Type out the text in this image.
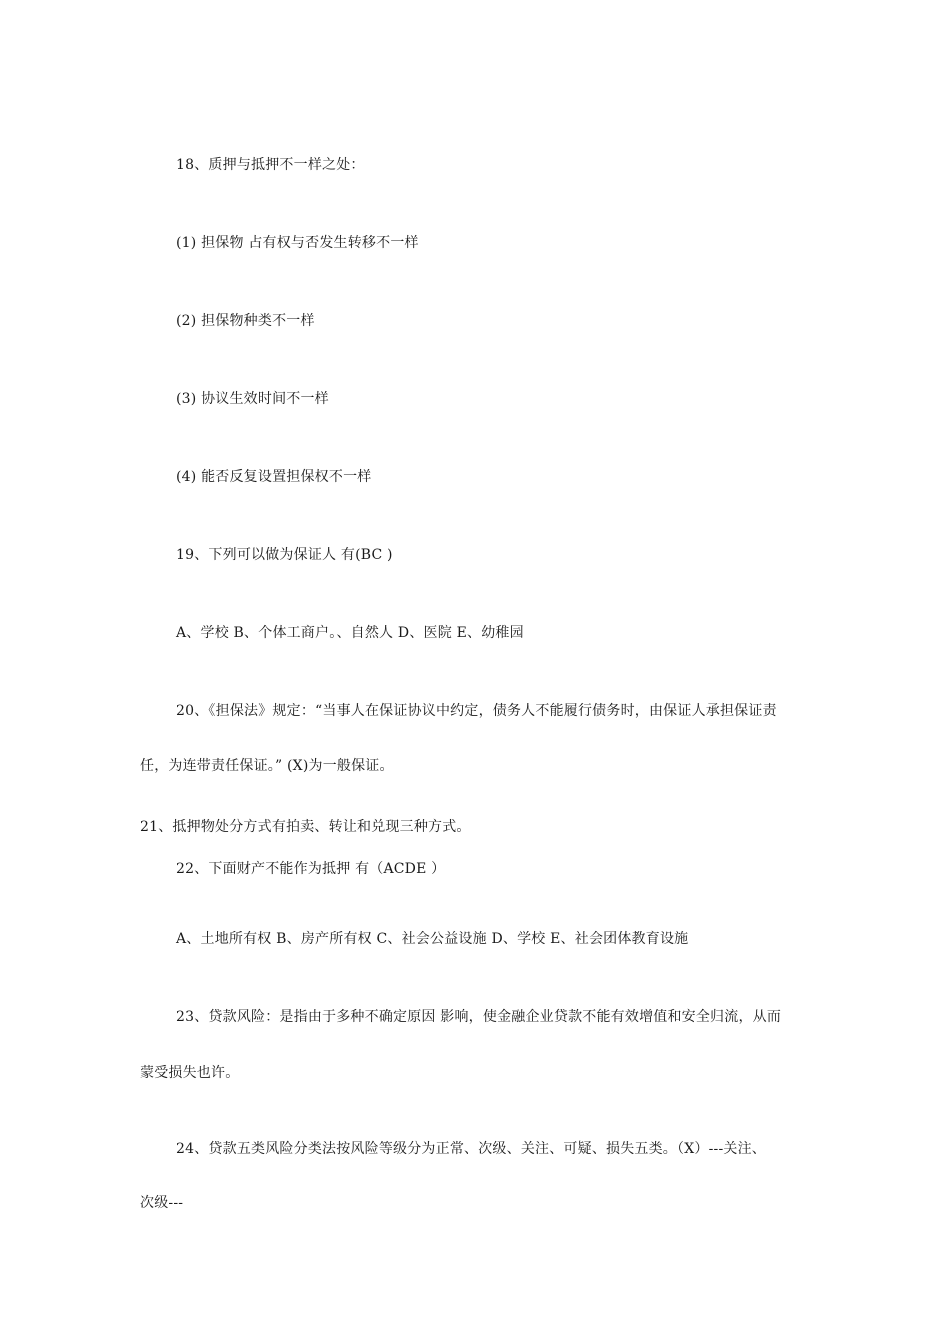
18、质押与抵押不一样之处：
(1) 担保物 占有权与否发生转移不一样
(2) 担保物种类不一样
(3) 协议生效时间不一样
(4) 能否反复设置担保权不一样
19、下列可以做为保证人 有(BC )
A、学校 B、个体工商户。、自然人 D、医院 E、幼稚园
20、《担保法》规定：“当事人在保证协议中约定，债务人不能履行债务时，由保证人承担保证责
任，为连带责任保证。” (X)为一般保证。
21、抵押物处分方式有拍卖、转让和兑现三种方式。
22、下面财产不能作为抵押 有（ACDE ）
A、土地所有权 B、房产所有权 C、社会公益设施 D、学校 E、社会团体教育设施
23、贷款风险：是指由于多种不确定原因 影响，使金融企业贷款不能有效增值和安全归流，从而
蒙受损失也许。
24、贷款五类风险分类法按风险等级分为正常、次级、关注、可疑、损失五类。（X）---关注、
次级---
